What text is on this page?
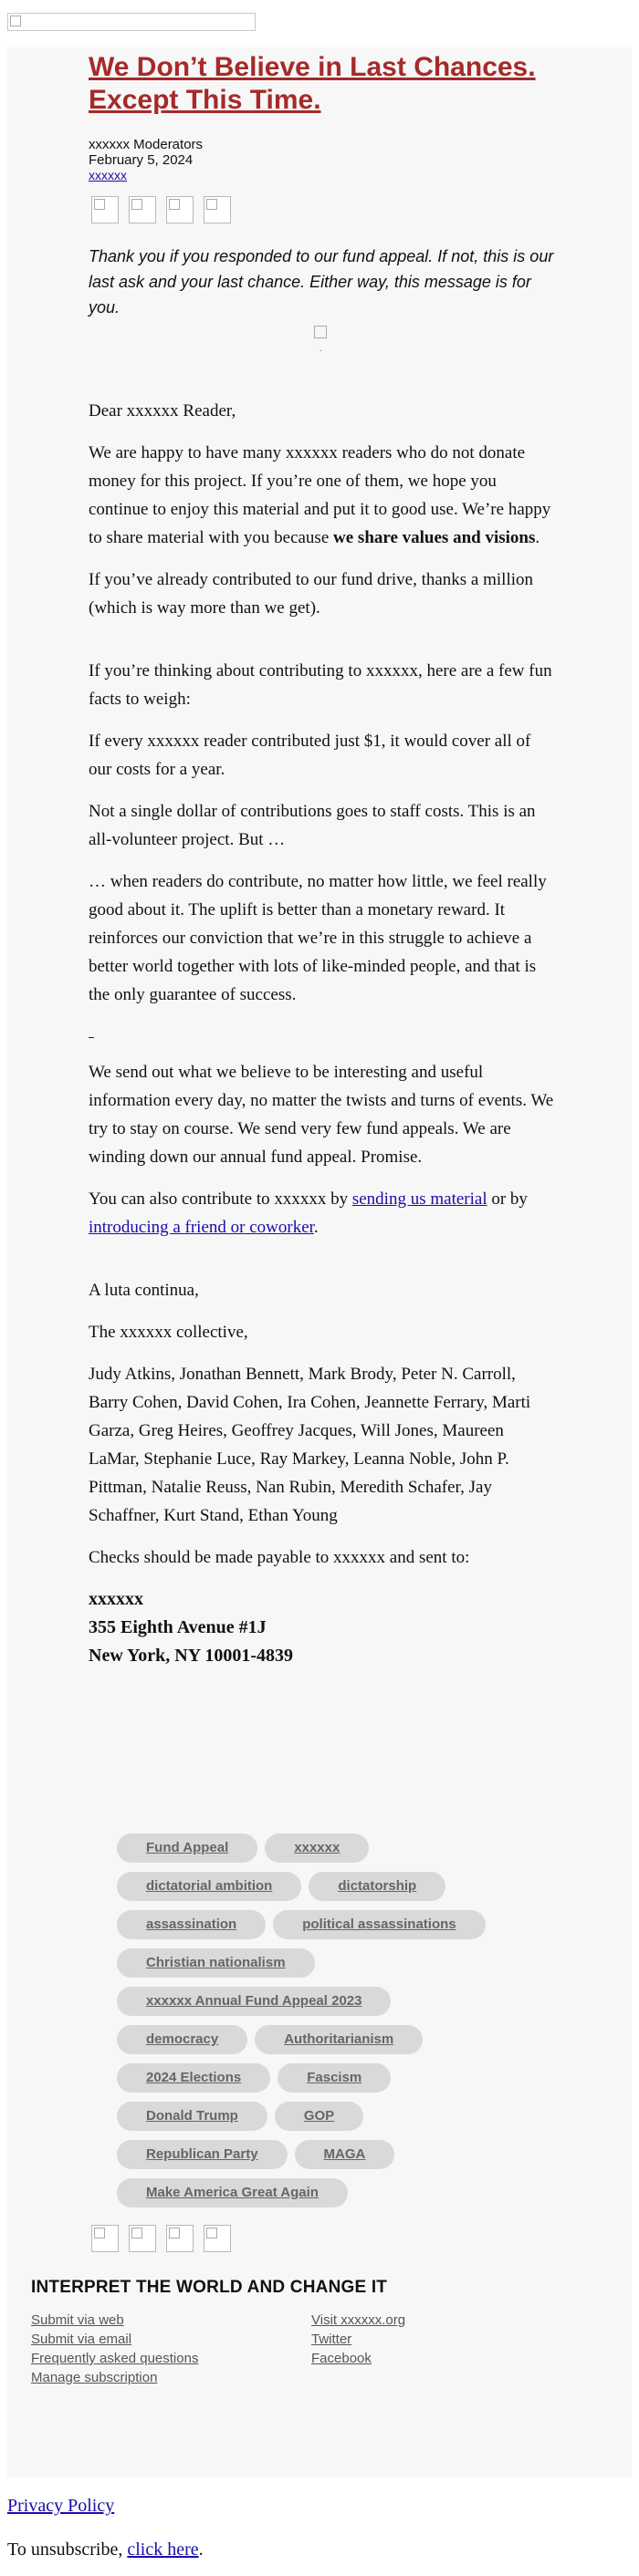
We Don’t Believe in Last Chances. Except This Time.
xxxxxx Moderators
February 5, 2024
xxxxxx
Thank you if you responded to our fund appeal. If not, this is our last ask and your last chance. Either way, this message is for you.
.

Dear xxxxxx Reader,

We are happy to have many xxxxxx readers who do not donate money for this project. If you’re one of them, we hope you continue to enjoy this material and put it to good use. We’re happy to share material with you because we share values and visions.

If you’ve already contributed to our fund drive, thanks a million (which is way more than we get).

If you’re thinking about contributing to xxxxxx, here are a few fun facts to weigh:

If every xxxxxx reader contributed just $1, it would cover all of our costs for a year.

Not a single dollar of contributions goes to staff costs. This is an all-volunteer project. But …

… when readers do contribute, no matter how little, we feel really good about it. The uplift is better than a monetary reward. It reinforces our conviction that we’re in this struggle to achieve a better world together with lots of like-minded people, and that is the only guarantee of success.

We send out what we believe to be interesting and useful information every day, no matter the twists and turns of events. We try to stay on course. We send very few fund appeals. We are winding down our annual fund appeal. Promise.

You can also contribute to xxxxxx by sending us material or by introducing a friend or coworker.

A luta continua,

The xxxxxx collective,

Judy Atkins, Jonathan Bennett, Mark Brody, Peter N. Carroll, Barry Cohen, David Cohen, Ira Cohen, Jeannette Ferrary, Marti Garza, Greg Heires, Geoffrey Jacques, Will Jones, Maureen LaMar, Stephanie Luce, Ray Markey, Leanna Noble, John P. Pittman, Natalie Reuss, Nan Rubin, Meredith Schafer, Jay Schaffner, Kurt Stand, Ethan Young

Checks should be made payable to xxxxxx and sent to:

xxxxxx
355 Eighth Avenue #1J
New York, NY 10001-4839
Fund Appeal	xxxxxx
dictatorial ambition	dictatorship
assassination	political assassinations
Christian nationalism
xxxxxx Annual Fund Appeal 2023
democracy	Authoritarianism
2024 Elections	Fascism
Donald Trump	GOP
Republican Party	MAGA
Make America Great Again
INTERPRET THE WORLD AND CHANGE IT
Submit via web
Submit via email
Frequently asked questions
Manage subscription
Visit xxxxxx.org
Twitter
Facebook
Privacy Policy
To unsubscribe, click here.
